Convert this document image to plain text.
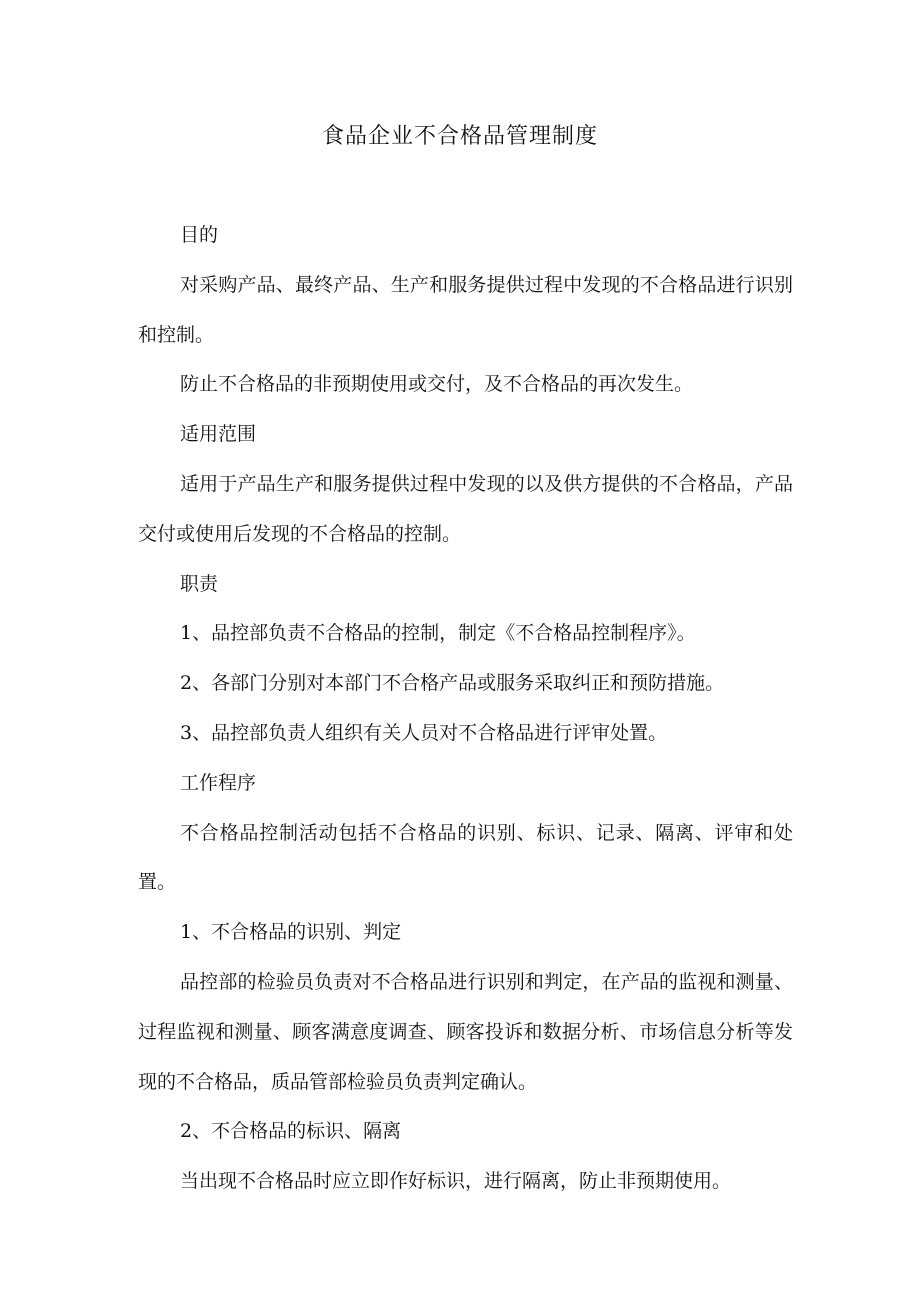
食品企业不合格品管理制度

目的

对采购产品、最终产品、生产和服务提供过程中发现的不合格品进行识别和控制。

防止不合格品的非预期使用或交付，及不合格品的再次发生。

适用范围

适用于产品生产和服务提供过程中发现的以及供方提供的不合格品，产品交付或使用后发现的不合格品的控制。

职责

1、品控部负责不合格品的控制，制定《不合格品控制程序》。

2、各部门分别对本部门不合格产品或服务采取纠正和预防措施。

3、品控部负责人组织有关人员对不合格品进行评审处置。

工作程序

不合格品控制活动包括不合格品的识别、标识、记录、隔离、评审和处置。

1、不合格品的识别、判定

品控部的检验员负责对不合格品进行识别和判定，在产品的监视和测量、过程监视和测量、顾客满意度调查、顾客投诉和数据分析、市场信息分析等发现的不合格品，质品管部检验员负责判定确认。

2、不合格品的标识、隔离

当出现不合格品时应立即作好标识，进行隔离，防止非预期使用。
